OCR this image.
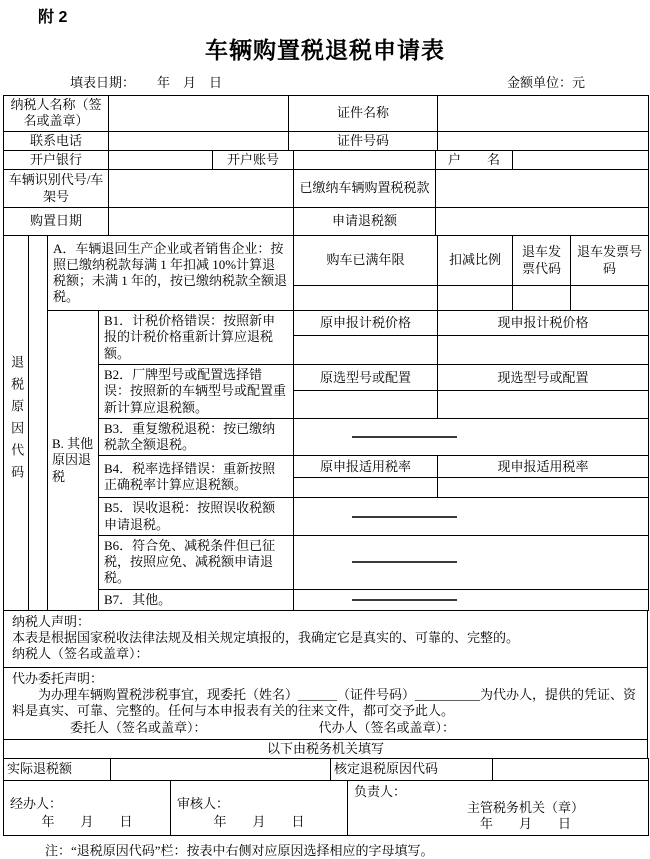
附 2
车辆购置税退税申请表
填表日期： 年　月　日	金额单位：元
纳税人名称（签名或盖章）		证件名称	
联系电话		证件号码	
开户银行		开户账号		户　　名	
车辆识别代号/车架号		已缴纳车辆购置税税款	
购置日期		申请退税额	
退税原因代码		A．车辆退回生产企业或者销售企业：按照已缴纳税款每满 1 年扣减 10%计算退税额；未满 1 年的，按已缴纳税款全额退税。		购车已满年限	扣减比例	退车发票代码	退车发票号码

		B. 其他原因退税	B1．计税价格错误：按照新申报的计税价格重新计算应退税额。	原申报计税价格	现申报计税价格		

			B2．厂牌型号或配置选择错误：按照新的车辆型号或配置重新计算应退税额。	原选型号或配置	现选型号或配置		

			B3．重复缴税退税：按已缴纳税款全额退税。				

			B4．税率选择错误：重新按照正确税率计算应退税额。	原申报适用税率	现申报适用税率		

			B5．误收退税：按照误收税额申请退税。				

			B6．符合免、减税条件但已征税，按照应免、减税额申请退税。				

			B7．其他。				
纳税人声明：
本表是根据国家税收法律法规及相关规定填报的，我确定它是真实的、可靠的、完整的。
纳税人（签名或盖章）：
代办委托声明：
为办理车辆购置税涉税事宜，现委托（姓名）______（证件号码）__________为代办人，提供的凭证、资料是真实、可靠、完整的。任何与本申报表有关的往来文件，都可交予此人。
委托人（签名或盖章）：	代办人（签名或盖章）：
以下由税务机关填写
实际退税额		核定退税原因代码	
经办人：
年　　月　　日

审核人：
年　　月　　日

负责人：
主管税务机关（章）
年　　月　　日
注：“退税原因代码”栏：按表中右侧对应原因选择相应的字母填写。
